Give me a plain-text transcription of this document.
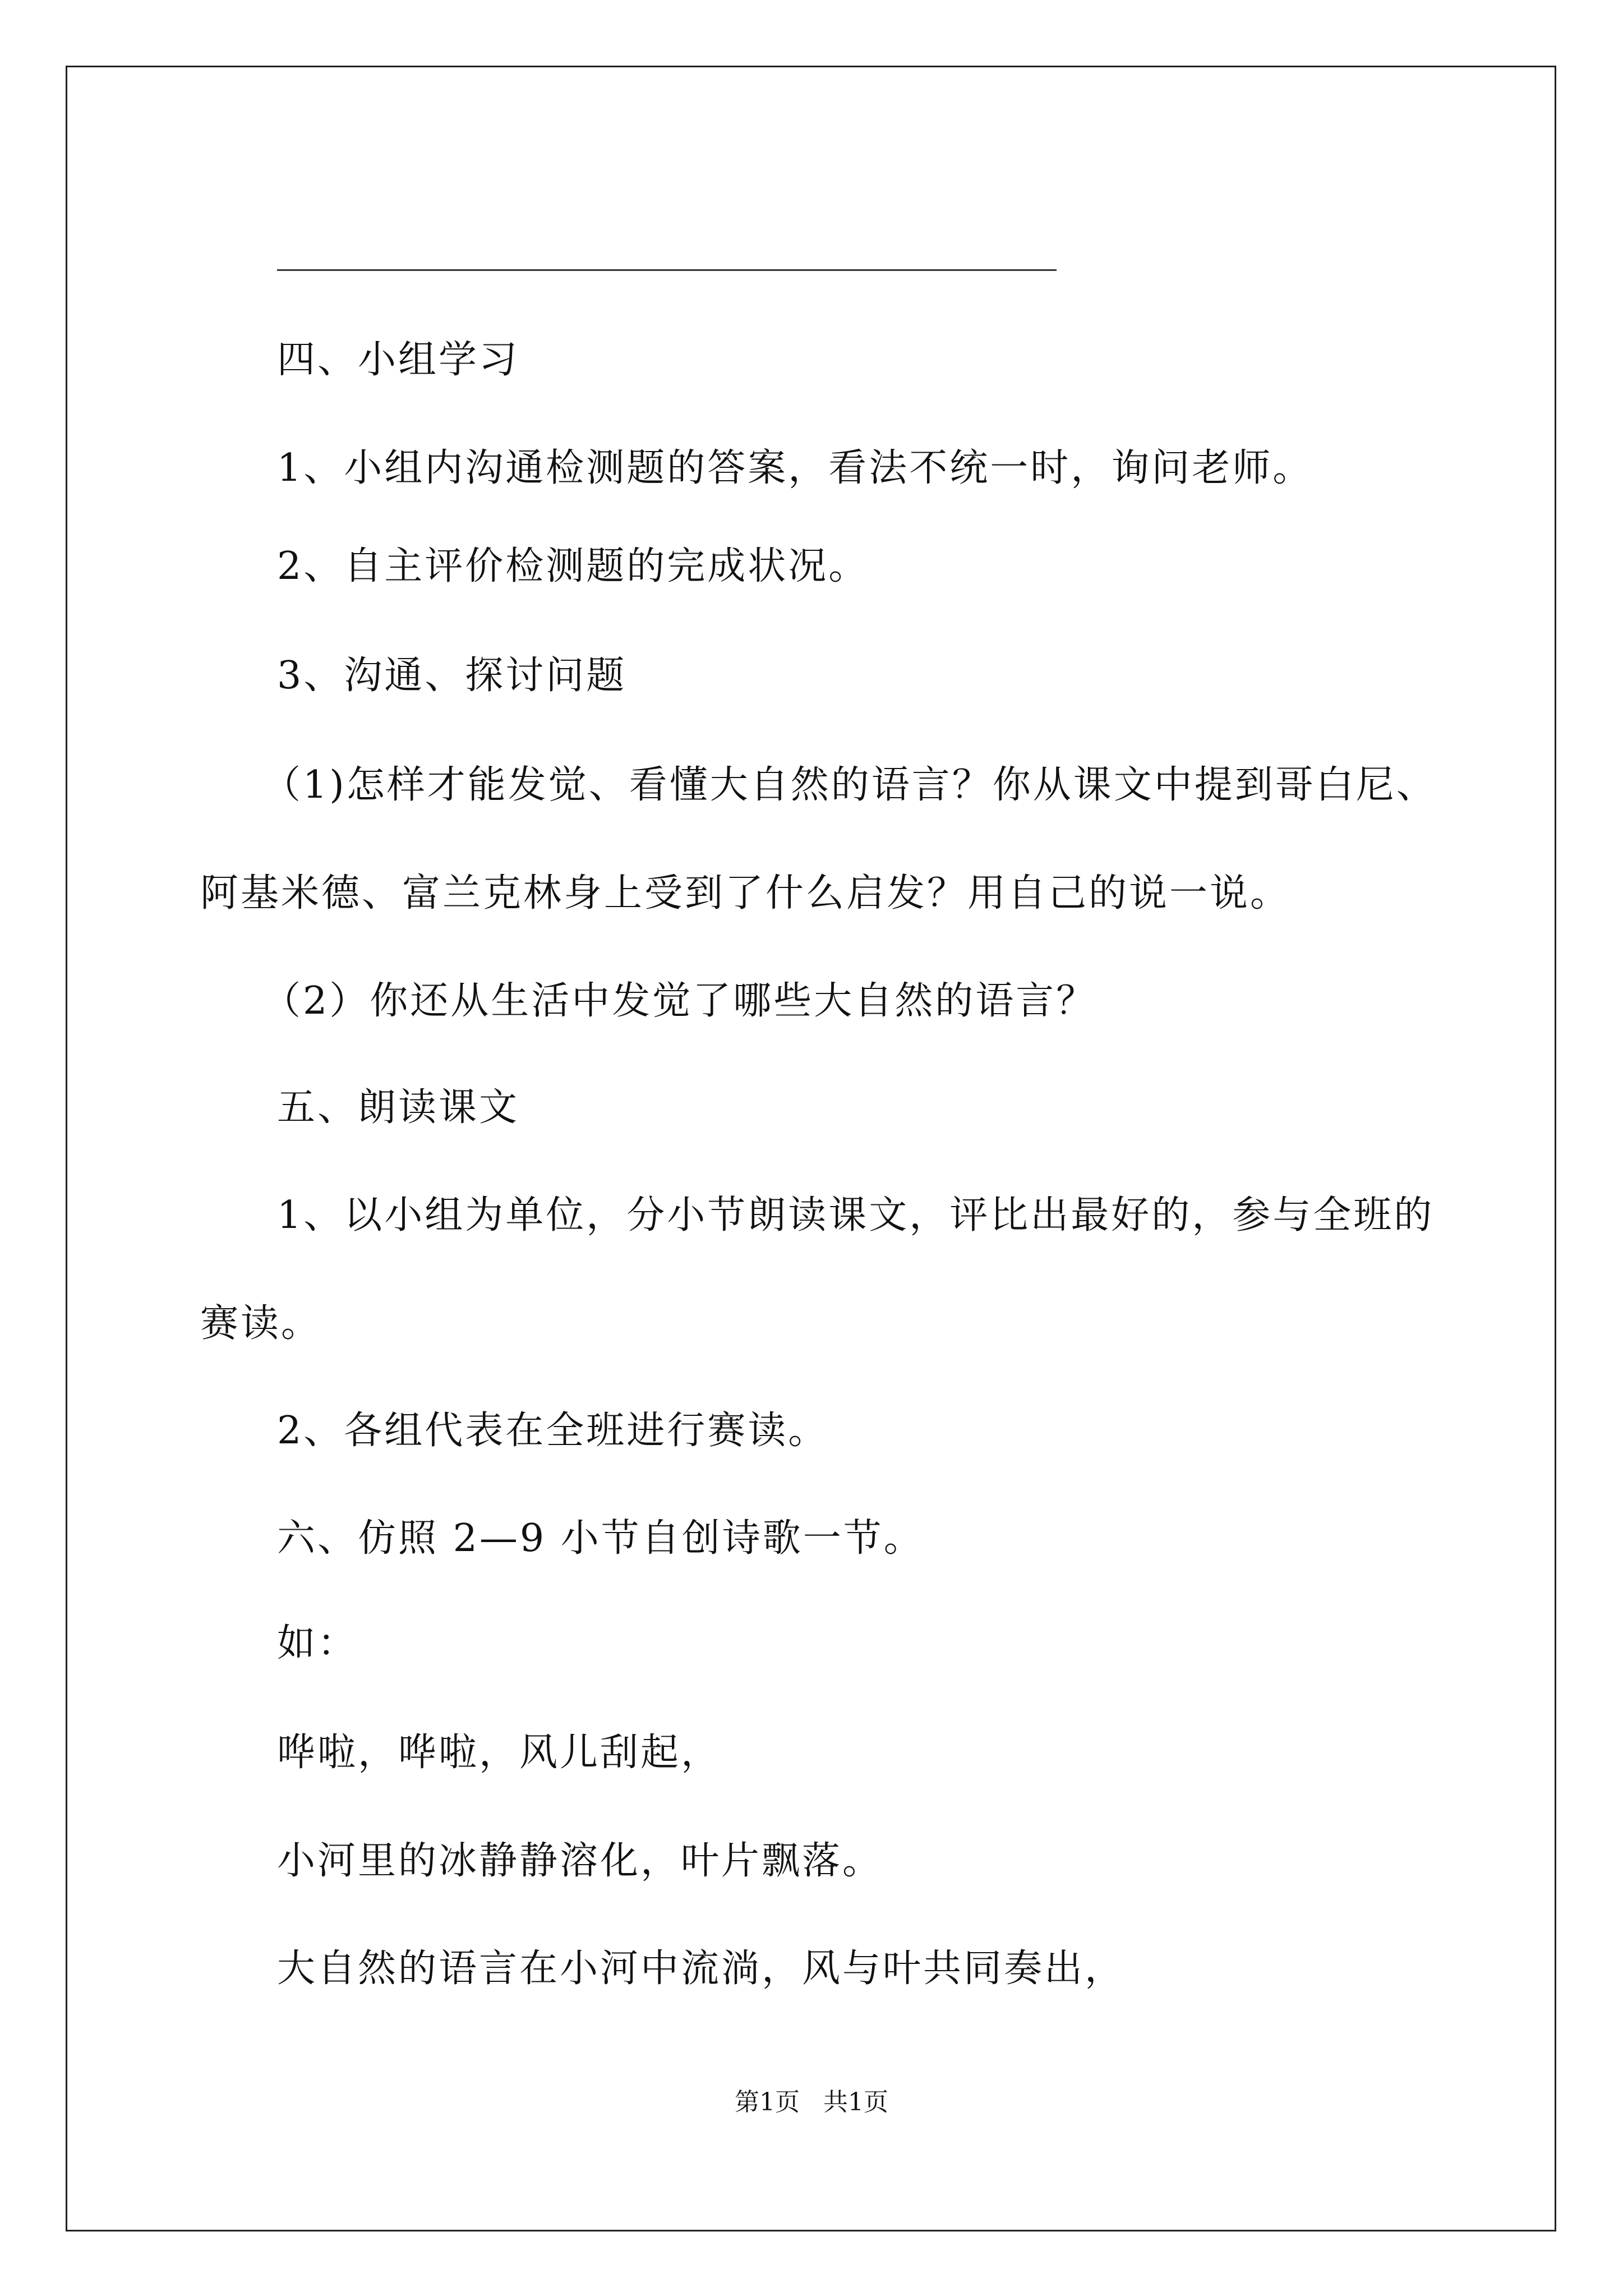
四、小组学习
1、小组内沟通检测题的答案，看法不统一时，询问老师。
2、自主评价检测题的完成状况。
3、沟通、探讨问题
（1)怎样才能发觉、看懂大自然的语言？你从课文中提到哥白尼、
阿基米德、富兰克林身上受到了什么启发？用自己的说一说。
（2）你还从生活中发觉了哪些大自然的语言？
五、朗读课文
1、以小组为单位，分小节朗读课文，评比出最好的，参与全班的
赛读。
2、各组代表在全班进行赛读。
六、仿照 2—9 小节自创诗歌一节。
如：
哗啦，哗啦，风儿刮起，
小河里的冰静静溶化，叶片飘落。
大自然的语言在小河中流淌，风与叶共同奏出，
第1页   共1页
